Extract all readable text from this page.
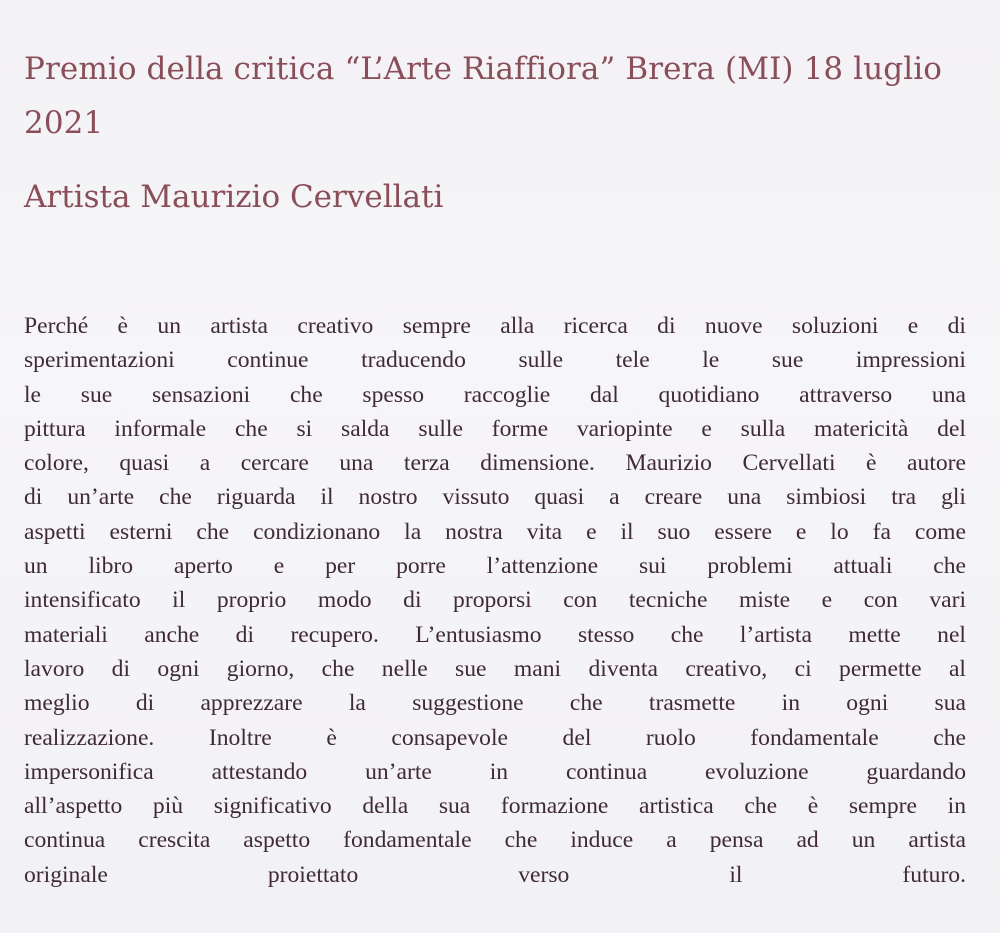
Premio della critica “L’Arte Riaffiora” Brera (MI) 18 luglio 2021
Artista Maurizio Cervellati
Perché è un artista creativo sempre alla ricerca di nuove soluzioni e di
sperimentazioni continue traducendo sulle tele le sue impressioni
le sue sensazioni che spesso raccoglie dal quotidiano attraverso una
pittura informale che si salda sulle forme variopinte e sulla matericità del
colore, quasi a cercare una terza dimensione. Maurizio Cervellati è autore
di un’arte che riguarda il nostro vissuto quasi a creare una simbiosi tra gli
aspetti esterni che condizionano la nostra vita e il suo essere e lo fa come
un libro aperto e per porre l’attenzione sui problemi attuali che
intensificato il proprio modo di proporsi con tecniche miste e con vari
materiali anche di recupero. L’entusiasmo stesso che l’artista mette nel
lavoro di ogni giorno, che nelle sue mani diventa creativo, ci permette al
meglio di apprezzare la suggestione che trasmette in ogni sua
realizzazione. Inoltre è consapevole del ruolo fondamentale che
impersonifica attestando un’arte in continua evoluzione guardando
all’aspetto più significativo della sua formazione artistica che è sempre in
continua crescita aspetto fondamentale che induce a pensa ad un artista
originale proiettato verso il futuro.
